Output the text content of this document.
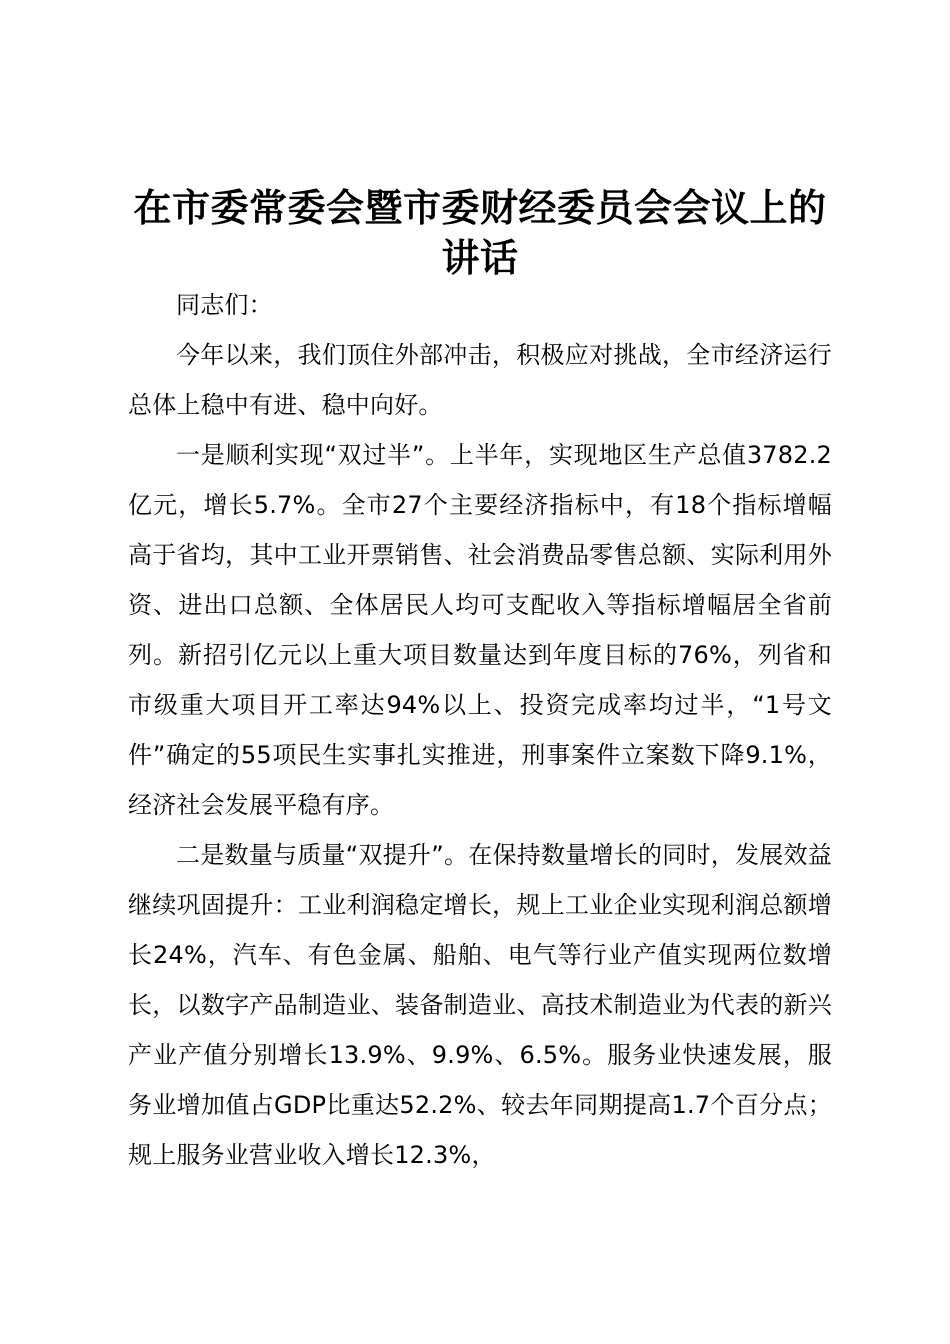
在市委常委会暨市委财经委员会会议上的讲话

同志们：

今年以来，我们顶住外部冲击，积极应对挑战，全市经济运行总体上稳中有进、稳中向好。

一是顺利实现“双过半”。上半年，实现地区生产总值3782.2亿元，增长5.7%。全市27个主要经济指标中，有18个指标增幅高于省均，其中工业开票销售、社会消费品零售总额、实际利用外资、进出口总额、全体居民人均可支配收入等指标增幅居全省前列。新招引亿元以上重大项目数量达到年度目标的76%，列省和市级重大项目开工率达94%以上、投资完成率均过半，“1号文件”确定的55项民生实事扎实推进，刑事案件立案数下降9.1%，经济社会发展平稳有序。

二是数量与质量“双提升”。在保持数量增长的同时，发展效益继续巩固提升：工业利润稳定增长，规上工业企业实现利润总额增长24%，汽车、有色金属、船舶、电气等行业产值实现两位数增长，以数字产品制造业、装备制造业、高技术制造业为代表的新兴产业产值分别增长13.9%、9.9%、6.5%。服务业快速发展，服务业增加值占GDP比重达52.2%、较去年同期提高1.7个百分点；规上服务业营业收入增长12.3%，
